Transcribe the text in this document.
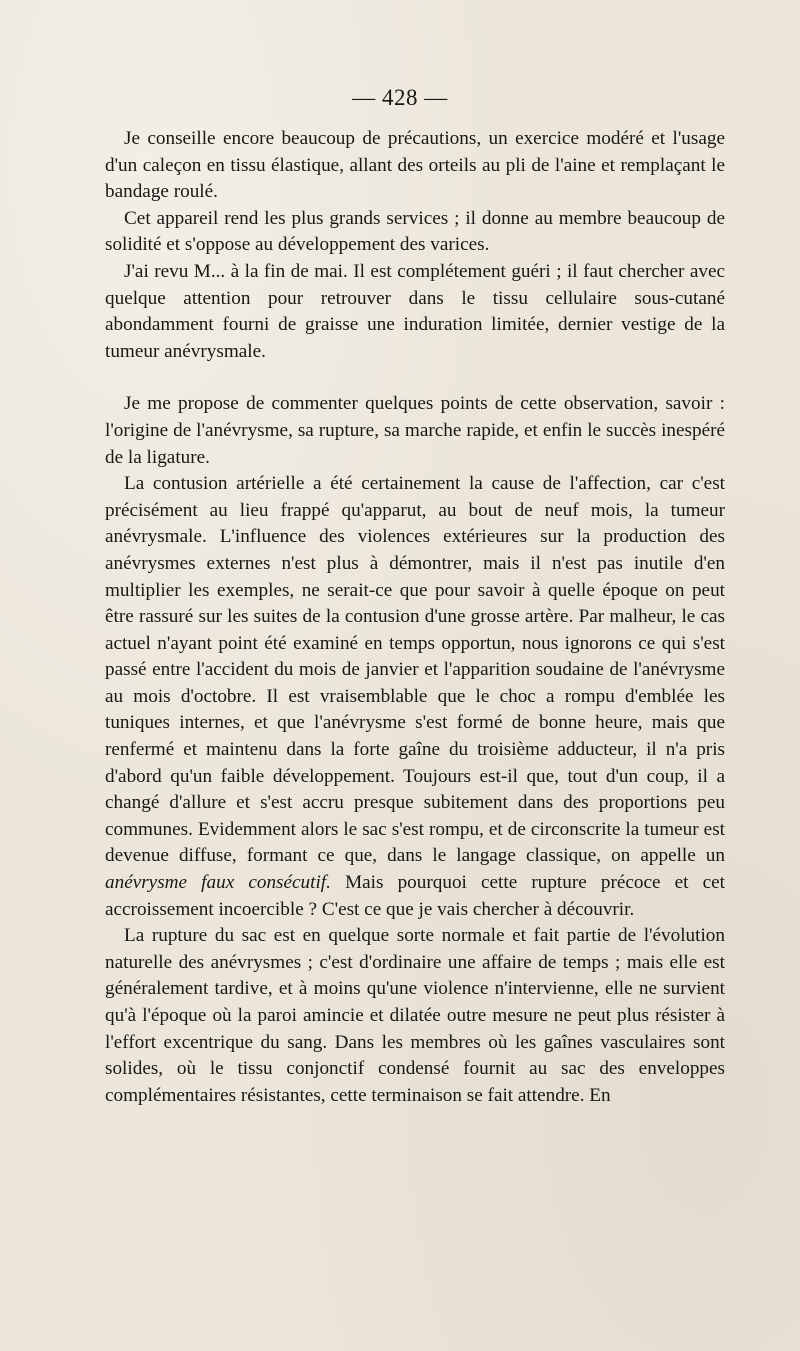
— 428 —

Je conseille encore beaucoup de précautions, un exercice modéré et l'usage d'un caleçon en tissu élastique, allant des orteils au pli de l'aine et remplaçant le bandage roulé.

Cet appareil rend les plus grands services ; il donne au membre beaucoup de solidité et s'oppose au développement des varices.

J'ai revu M... à la fin de mai. Il est complétement guéri ; il faut chercher avec quelque attention pour retrouver dans le tissu cellulaire sous-cutané abondamment fourni de graisse une induration limitée, dernier vestige de la tumeur anévrysmale.

Je me propose de commenter quelques points de cette observation, savoir : l'origine de l'anévrysme, sa rupture, sa marche rapide, et enfin le succès inespéré de la ligature.

La contusion artérielle a été certainement la cause de l'affection, car c'est précisément au lieu frappé qu'apparut, au bout de neuf mois, la tumeur anévrysmale. L'influence des violences extérieures sur la production des anévrysmes externes n'est plus à démontrer, mais il n'est pas inutile d'en multiplier les exemples, ne serait-ce que pour savoir à quelle époque on peut être rassuré sur les suites de la contusion d'une grosse artère. Par malheur, le cas actuel n'ayant point été examiné en temps opportun, nous ignorons ce qui s'est passé entre l'accident du mois de janvier et l'apparition soudaine de l'anévrysme au mois d'octobre. Il est vraisemblable que le choc a rompu d'emblée les tuniques internes, et que l'anévrysme s'est formé de bonne heure, mais que renfermé et maintenu dans la forte gaîne du troisième adducteur, il n'a pris d'abord qu'un faible développement. Toujours est-il que, tout d'un coup, il a changé d'allure et s'est accru presque subitement dans des proportions peu communes. Evidemment alors le sac s'est rompu, et de circonscrite la tumeur est devenue diffuse, formant ce que, dans le langage classique, on appelle un anévrysme faux consécutif. Mais pourquoi cette rupture précoce et cet accroissement incoercible ? C'est ce que je vais chercher à découvrir.

La rupture du sac est en quelque sorte normale et fait partie de l'évolution naturelle des anévrysmes ; c'est d'ordinaire une affaire de temps ; mais elle est généralement tardive, et à moins qu'une violence n'intervienne, elle ne survient qu'à l'époque où la paroi amincie et dilatée outre mesure ne peut plus résister à l'effort excentrique du sang. Dans les membres où les gaînes vasculaires sont solides, où le tissu conjonctif condensé fournit au sac des enveloppes complémentaires résistantes, cette terminaison se fait attendre. En
